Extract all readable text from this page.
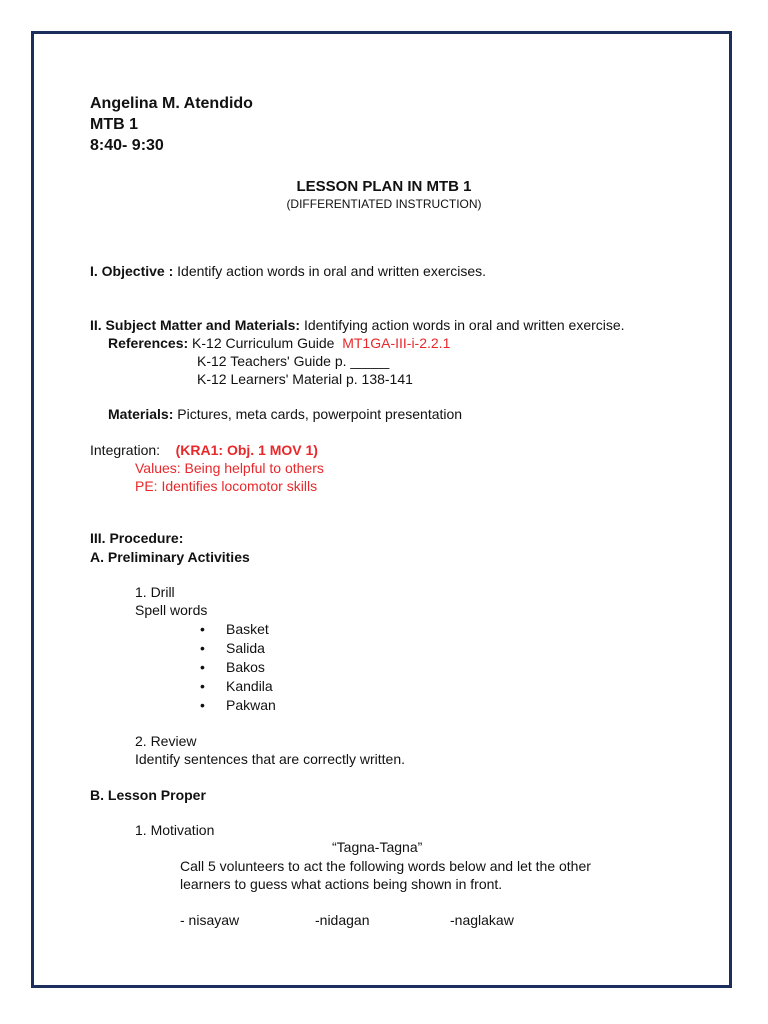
Angelina M. Atendido
MTB 1
8:40- 9:30
LESSON PLAN IN MTB 1
(DIFFERENTIATED INSTRUCTION)
I. Objective : Identify action words in oral and written exercises.
II. Subject Matter and Materials: Identifying action words in oral and written exercise.
References: K-12 Curriculum Guide MT1GA-III-i-2.2.1
K-12 Teachers' Guide p. _____
K-12 Learners' Material p. 138-141
Materials: Pictures, meta cards, powerpoint presentation
Integration: (KRA1: Obj. 1 MOV 1)
Values: Being helpful to others
PE: Identifies locomotor skills
III. Procedure:
A. Preliminary Activities
1. Drill
Spell words
• Basket
• Salida
• Bakos
• Kandila
• Pakwan
2. Review
Identify sentences that are correctly written.
B. Lesson Proper
1. Motivation
“Tagna-Tagna”
Call 5 volunteers to act the following words below and let the other
learners to guess what actions being shown in front.
- nisayaw	-nidagan	-naglakaw
